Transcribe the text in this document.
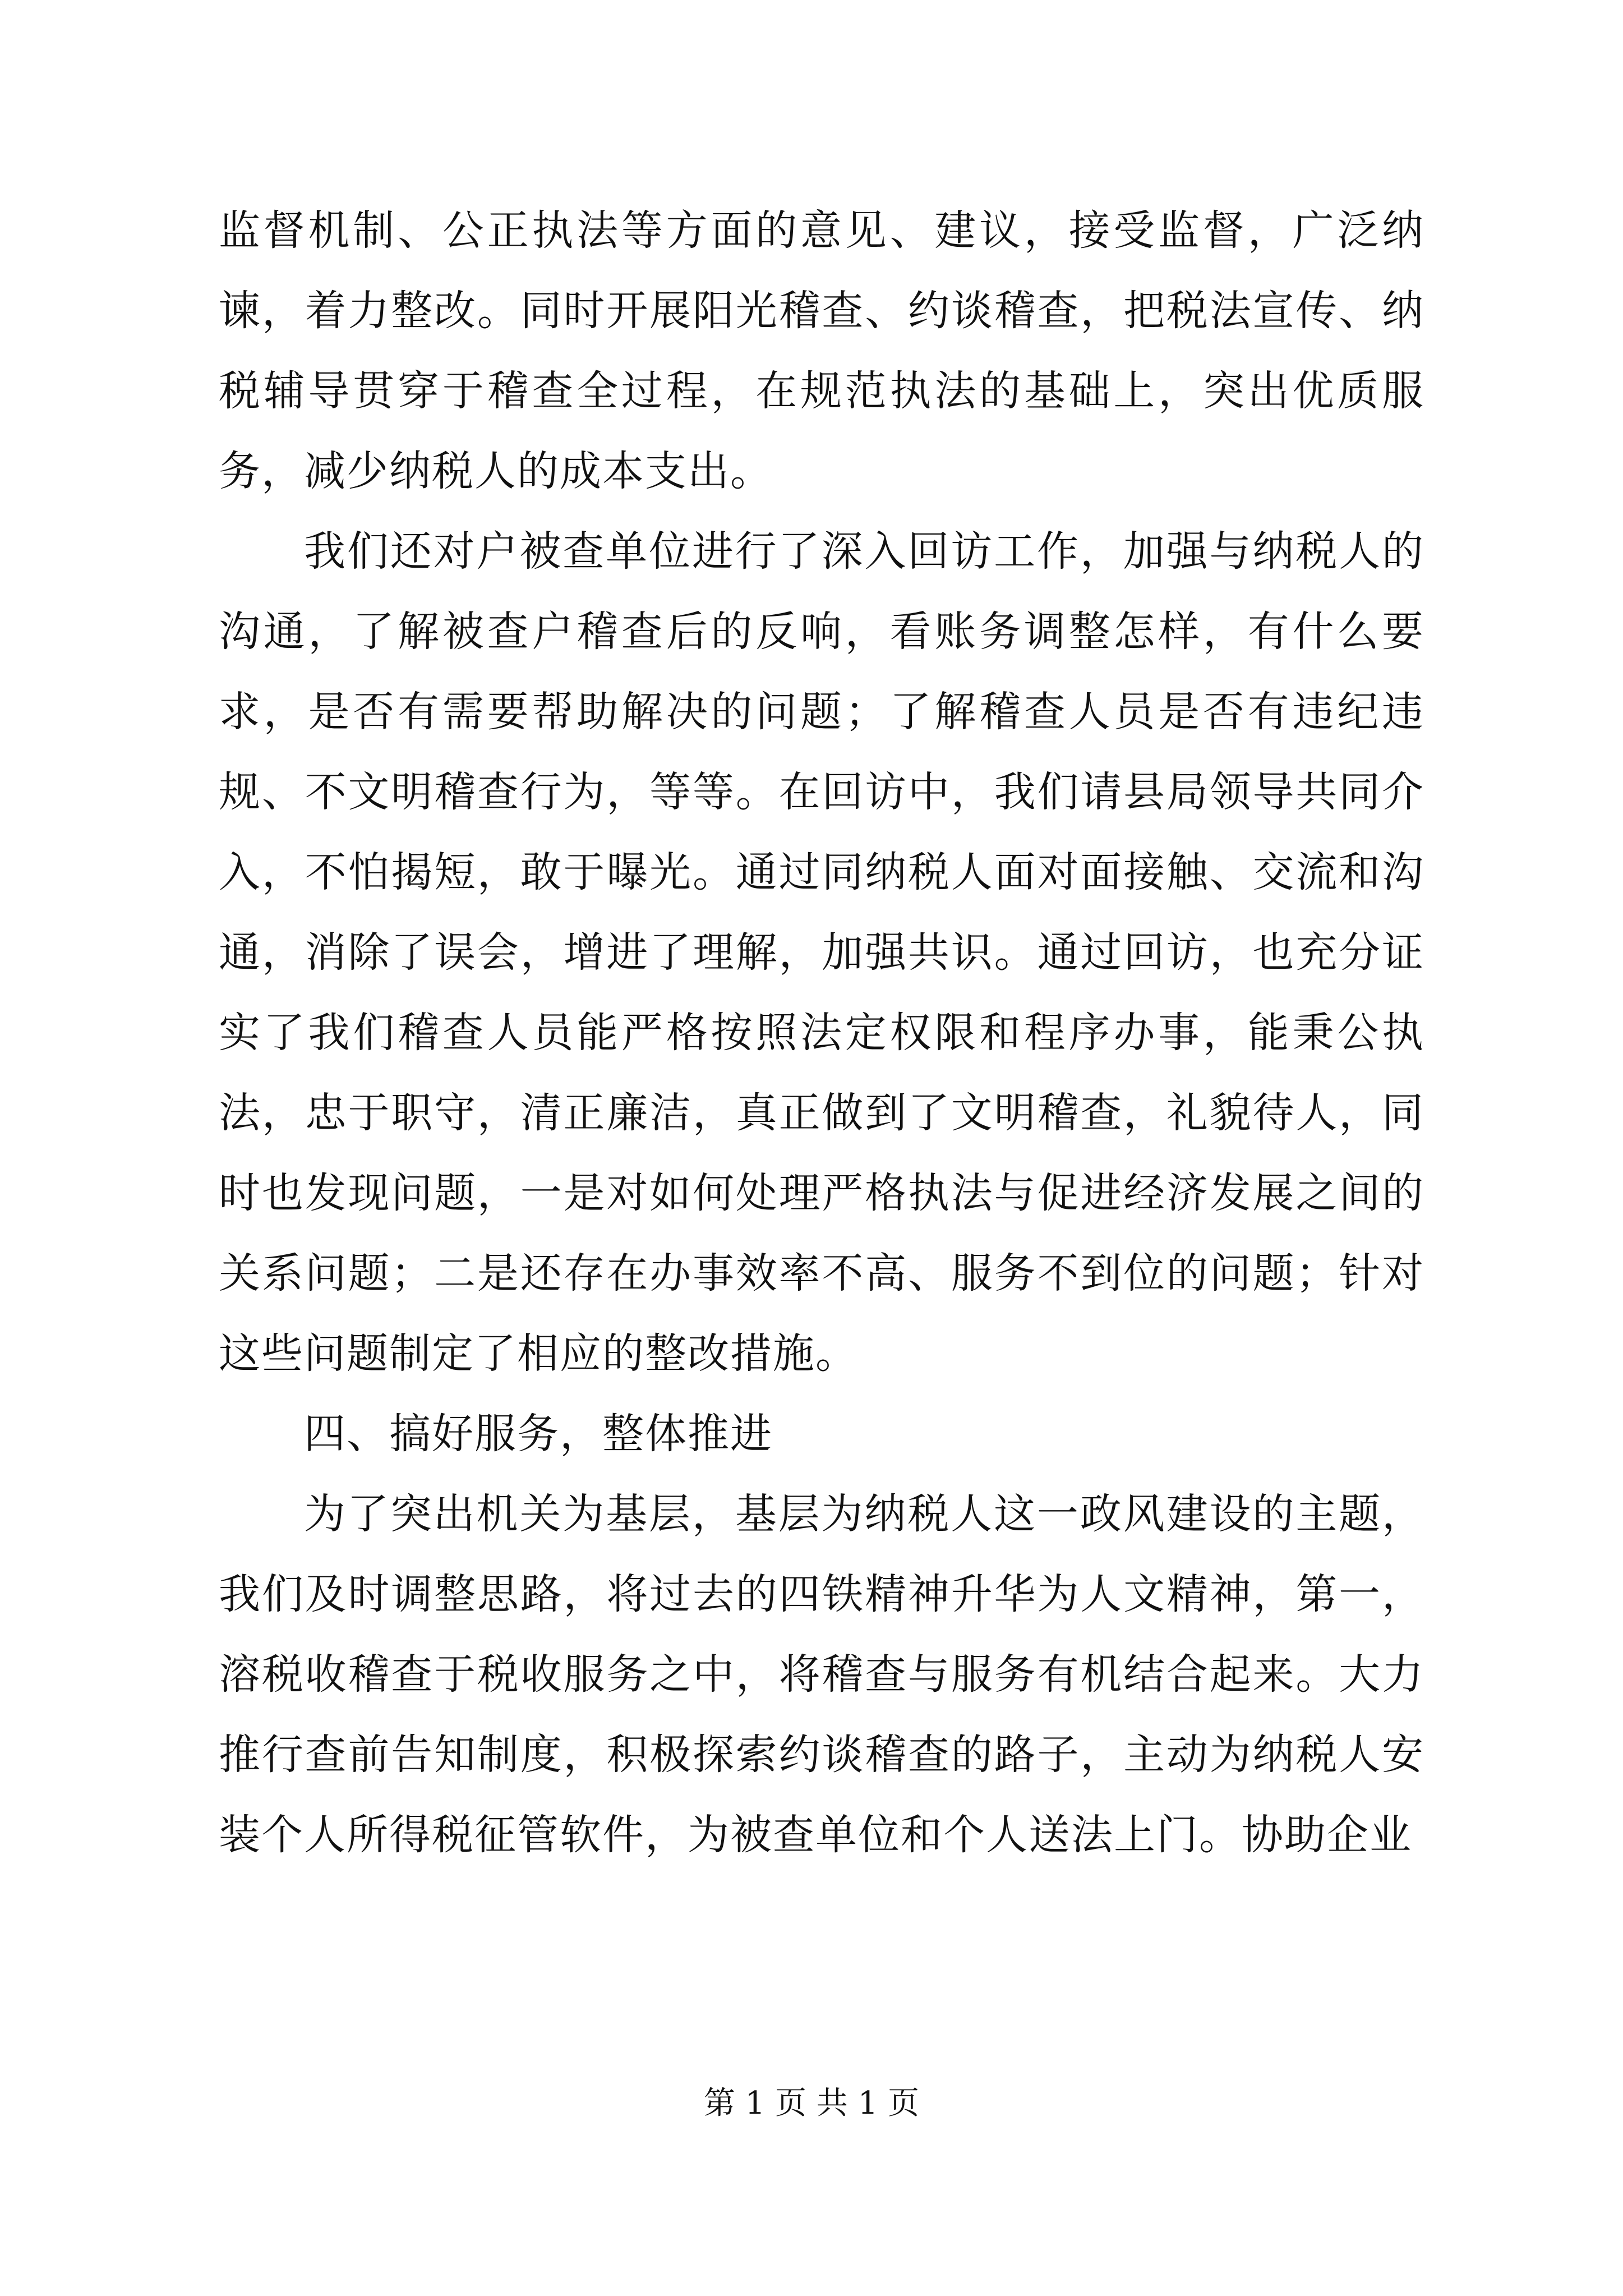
监督机制、公正执法等方面的意见、建议，接受监督，广泛纳谏，着力整改。同时开展阳光稽查、约谈稽查，把税法宣传、纳税辅导贯穿于稽查全过程，在规范执法的基础上，突出优质服务，减少纳税人的成本支出。

我们还对户被查单位进行了深入回访工作，加强与纳税人的沟通，了解被查户稽查后的反响，看账务调整怎样，有什么要求，是否有需要帮助解决的问题；了解稽查人员是否有违纪违规、不文明稽查行为，等等。在回访中，我们请县局领导共同介入，不怕揭短，敢于曝光。通过同纳税人面对面接触、交流和沟通，消除了误会，增进了理解，加强共识。通过回访，也充分证实了我们稽查人员能严格按照法定权限和程序办事，能秉公执法，忠于职守，清正廉洁，真正做到了文明稽查，礼貌待人，同时也发现问题，一是对如何处理严格执法与促进经济发展之间的关系问题；二是还存在办事效率不高、服务不到位的问题；针对这些问题制定了相应的整改措施。

四、搞好服务，整体推进

为了突出机关为基层，基层为纳税人这一政风建设的主题，我们及时调整思路，将过去的四铁精神升华为人文精神，第一，溶税收稽查于税收服务之中，将稽查与服务有机结合起来。大力推行查前告知制度，积极探索约谈稽查的路子，主动为纳税人安装个人所得税征管软件，为被查单位和个人送法上门。协助企业

第 1 页 共 1 页
